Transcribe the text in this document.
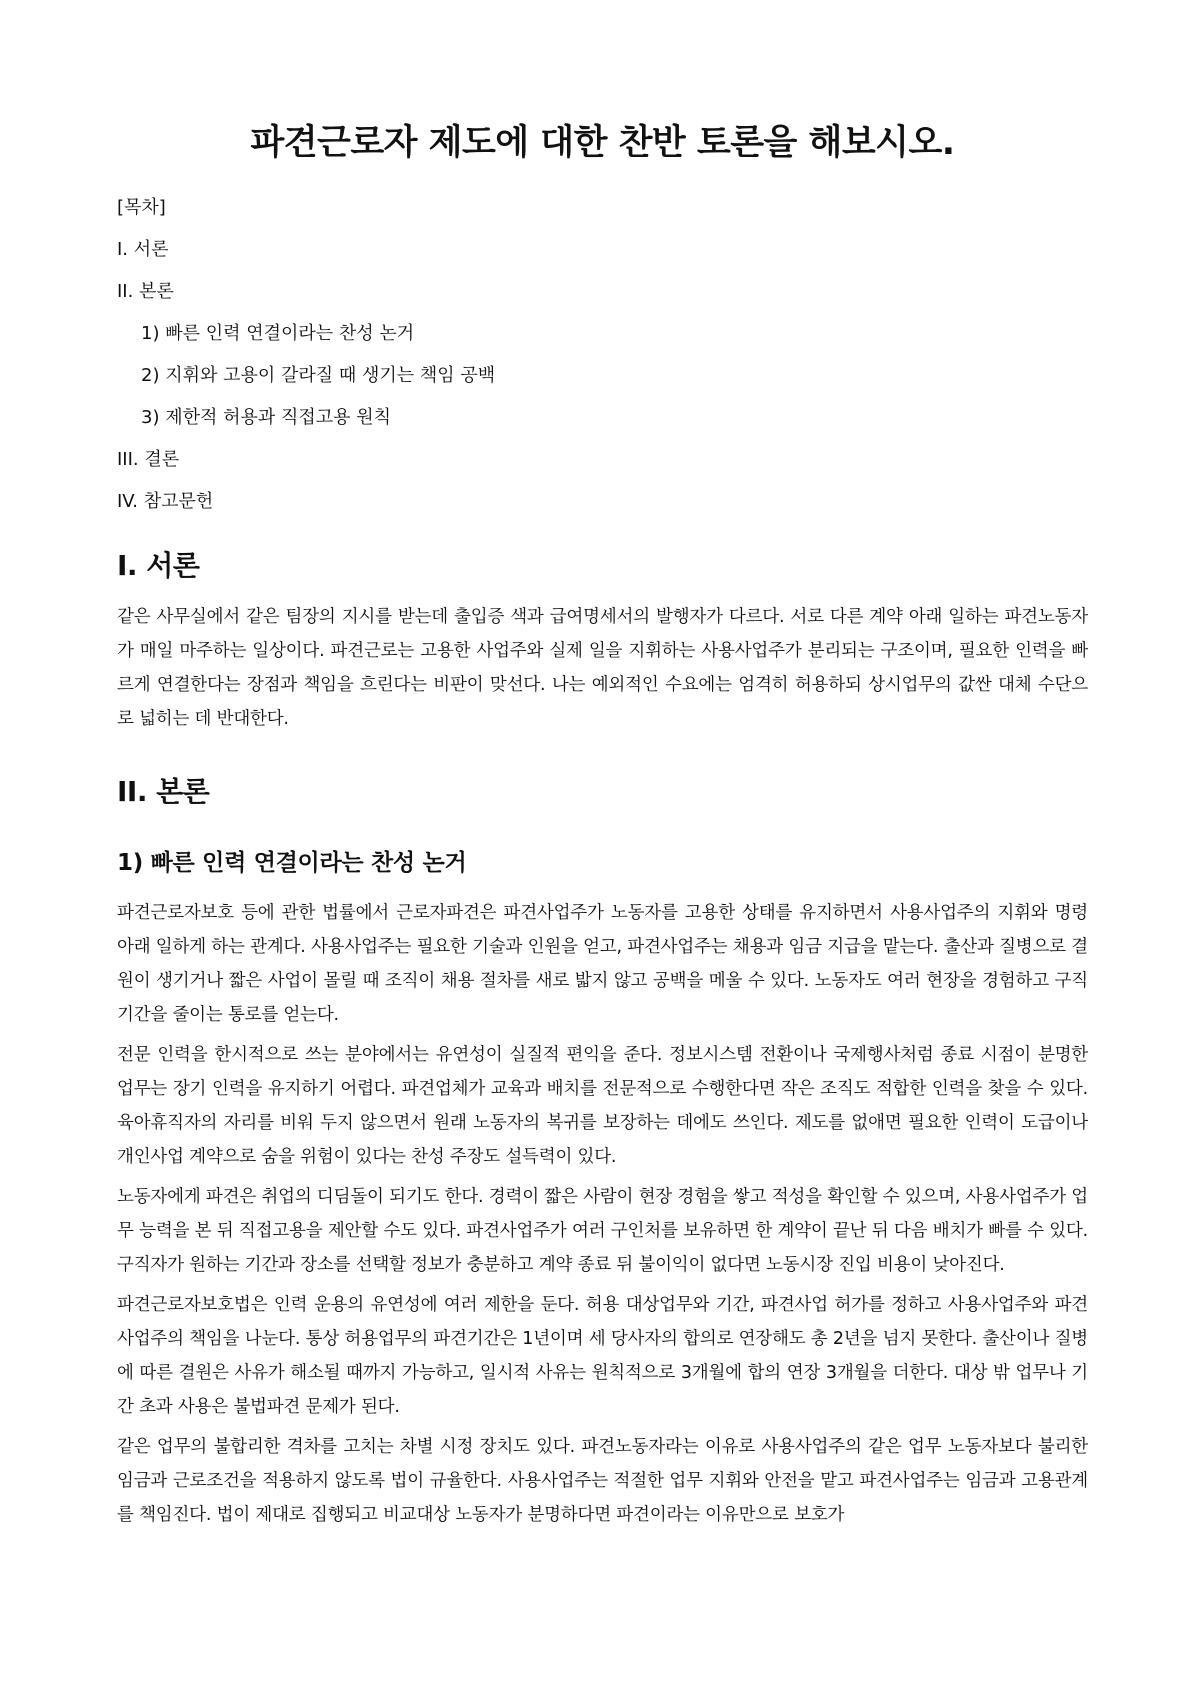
파견근로자 제도에 대한 찬반 토론을 해보시오.
[목차]
I. 서론
II. 본론
1) 빠른 인력 연결이라는 찬성 논거
2) 지휘와 고용이 갈라질 때 생기는 책임 공백
3) 제한적 허용과 직접고용 원칙
III. 결론
IV. 참고문헌
I. 서론

같은 사무실에서 같은 팀장의 지시를 받는데 출입증 색과 급여명세서의 발행자가 다르다. 서로 다른 계약 아래 일하는 파견노동자가 매일 마주하는 일상이다. 파견근로는 고용한 사업주와 실제 일을 지휘하는 사용사업주가 분리되는 구조이며, 필요한 인력을 빠르게 연결한다는 장점과 책임을 흐린다는 비판이 맞선다. 나는 예외적인 수요에는 엄격히 허용하되 상시업무의 값싼 대체 수단으로 넓히는 데 반대한다.

II. 본론
1) 빠른 인력 연결이라는 찬성 논거

파견근로자보호 등에 관한 법률에서 근로자파견은 파견사업주가 노동자를 고용한 상태를 유지하면서 사용사업주의 지휘와 명령 아래 일하게 하는 관계다. 사용사업주는 필요한 기술과 인원을 얻고, 파견사업주는 채용과 임금 지급을 맡는다. 출산과 질병으로 결원이 생기거나 짧은 사업이 몰릴 때 조직이 채용 절차를 새로 밟지 않고 공백을 메울 수 있다. 노동자도 여러 현장을 경험하고 구직 기간을 줄이는 통로를 얻는다.

전문 인력을 한시적으로 쓰는 분야에서는 유연성이 실질적 편익을 준다. 정보시스템 전환이나 국제행사처럼 종료 시점이 분명한 업무는 장기 인력을 유지하기 어렵다. 파견업체가 교육과 배치를 전문적으로 수행한다면 작은 조직도 적합한 인력을 찾을 수 있다. 육아휴직자의 자리를 비워 두지 않으면서 원래 노동자의 복귀를 보장하는 데에도 쓰인다. 제도를 없애면 필요한 인력이 도급이나 개인사업 계약으로 숨을 위험이 있다는 찬성 주장도 설득력이 있다.

노동자에게 파견은 취업의 디딤돌이 되기도 한다. 경력이 짧은 사람이 현장 경험을 쌓고 적성을 확인할 수 있으며, 사용사업주가 업무 능력을 본 뒤 직접고용을 제안할 수도 있다. 파견사업주가 여러 구인처를 보유하면 한 계약이 끝난 뒤 다음 배치가 빠를 수 있다. 구직자가 원하는 기간과 장소를 선택할 정보가 충분하고 계약 종료 뒤 불이익이 없다면 노동시장 진입 비용이 낮아진다.

파견근로자보호법은 인력 운용의 유연성에 여러 제한을 둔다. 허용 대상업무와 기간, 파견사업 허가를 정하고 사용사업주와 파견사업주의 책임을 나눈다. 통상 허용업무의 파견기간은 1년이며 세 당사자의 합의로 연장해도 총 2년을 넘지 못한다. 출산이나 질병에 따른 결원은 사유가 해소될 때까지 가능하고, 일시적 사유는 원칙적으로 3개월에 합의 연장 3개월을 더한다. 대상 밖 업무나 기간 초과 사용은 불법파견 문제가 된다.

같은 업무의 불합리한 격차를 고치는 차별 시정 장치도 있다. 파견노동자라는 이유로 사용사업주의 같은 업무 노동자보다 불리한 임금과 근로조건을 적용하지 않도록 법이 규율한다. 사용사업주는 적절한 업무 지휘와 안전을 맡고 파견사업주는 임금과 고용관계를 책임진다. 법이 제대로 집행되고 비교대상 노동자가 분명하다면 파견이라는 이유만으로 보호가
